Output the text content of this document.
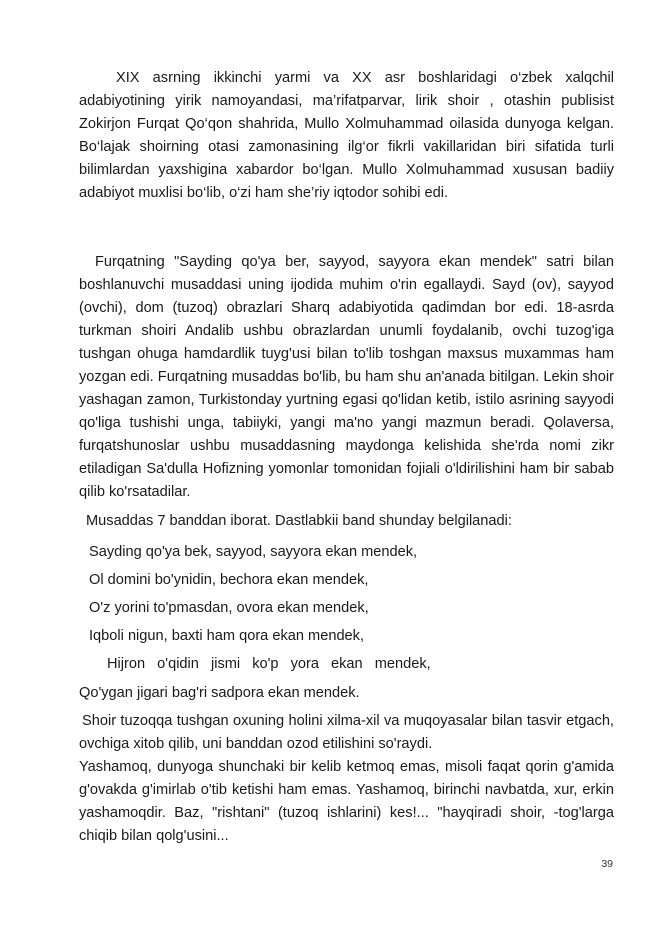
XIX asrning ikkinchi yarmi va XX asr boshlaridagi o‘zbek xalqchil adabiyotining yirik namoyandasi, ma’rifatparvar, lirik shoir , otashin publisist Zokirjon Furqat Qo‘qon shahrida, Mullo Xolmuhammad oilasida dunyoga kelgan. Bo‘lajak shoirning otasi zamonasining ilg‘or fikrli vakillaridan biri sifatida turli bilimlardan yaxshigina xabardor bo‘lgan. Mullo Xolmuhammad xususan badiiy adabiyot muxlisi bo‘lib, o‘zi ham she’riy iqtodor sohibi edi.
Furqatning "Sayding qo'ya ber, sayyod, sayyora ekan mendek" satri bilan boshlanuvchi musaddasi uning ijodida muhim o'rin egallaydi. Sayd (ov), sayyod (ovchi), dom (tuzoq) obrazlari Sharq adabiyotida qadimdan bor edi. 18-asrda turkman shoiri Andalib ushbu obrazlardan unumli foydalanib, ovchi tuzog'iga tushgan ohuga hamdardlik tuyg'usi bilan to'lib toshgan maxsus muxammas ham yozgan edi. Furqatning musaddas bo'lib, bu ham shu an'anada bitilgan. Lekin shoir yashagan zamon, Turkistonday yurtning egasi qo'lidan ketib, istilo asrining sayyodi qo'liga tushishi unga, tabiiyki, yangi ma'no yangi mazmun beradi. Qolaversa, furqatshunoslar ushbu musaddasning maydonga kelishida she'rda nomi zikr etiladigan Sa'dulla Hofizning yomonlar tomonidan fojiali o'ldirilishini ham bir sabab qilib ko'rsatadilar.
Musaddas 7 banddan iborat. Dastlabkii band shunday belgilanadi:
Sayding qo'ya bek, sayyod, sayyora ekan mendek,
Ol domini bo'ynidin, bechora ekan mendek,
O'z yorini to'pmasdan, ovora ekan mendek,
Iqboli nigun, baxti ham qora ekan mendek,
Hijron o'qidin jismi ko'p yora ekan mendek,
Qo'ygan jigari bag'ri sadpora ekan mendek.
Shoir tuzoqqa tushgan oxuning holini xilma-xil va muqoyasalar bilan tasvir etgach, ovchiga xitob qilib, uni banddan ozod etilishini so'raydi.
Yashamoq, dunyoga shunchaki bir kelib ketmoq emas, misoli faqat qorin g'amida g'ovakda g'imirlab o'tib ketishi ham emas. Yashamoq, birinchi navbatda, xur, erkin yashamoqdir. Baz, "rishtani" (tuzoq ishlarini) kes!... "hayqiradi shoir, -tog'larga chiqib bilan qolg'usini...
39
